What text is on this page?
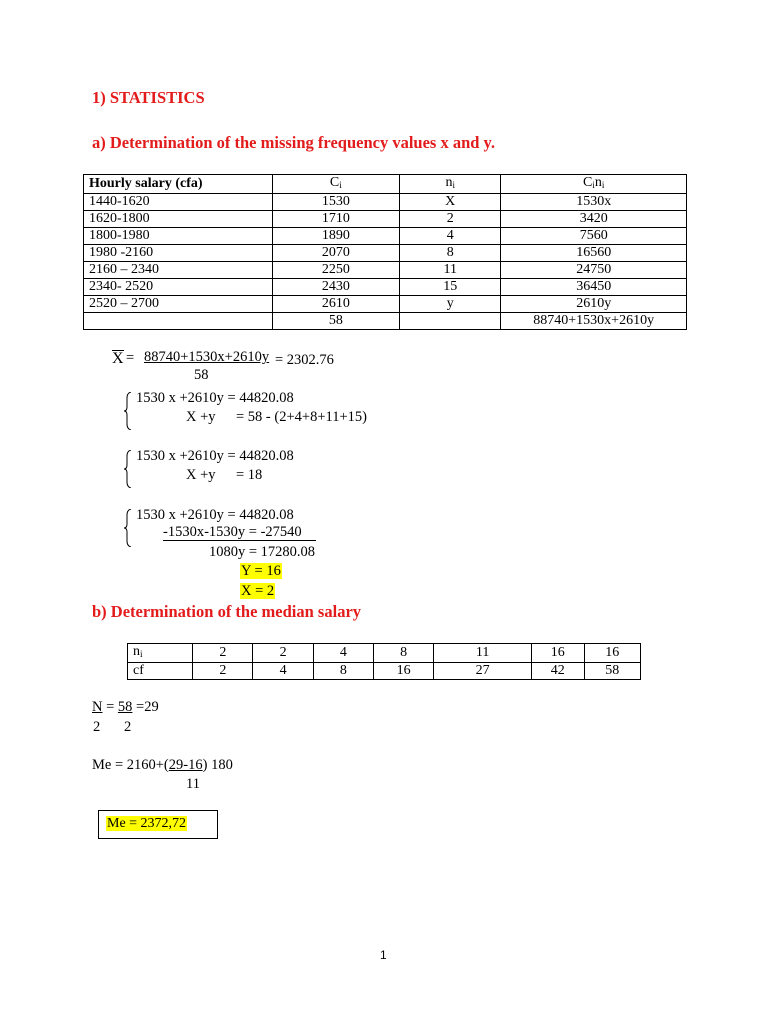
1) STATISTICS
a) Determination of the missing frequency values x and y.
Hourly salary (cfa)	$C_i$	$n_i$	$C_in_i$
1440-1620	1530	X	1530x
1620-1800	1710	2	3420
1800-1980	1890	4	7560
1980 -2160	2070	8	16560
2160 – 2340	2250	11	24750
2340- 2520	2430	15	36450
2520 – 2700	2610	y	2610y
	58		88740+1530x+2610y
X = 88740+1530x+2610y = 2302.76
58
1530 x +2610y = 44820.08
X +y = 58 - (2+4+8+11+15)
1530 x +2610y = 44820.08
X +y = 18
1530 x +2610y = 44820.08
-1530x-1530y = -27540
1080y = 17280.08
Y = 16
X = 2
b) Determination of the median salary
$n_i$	2	2	4	8	11	16	16
cf	2	4	8	16	27	42	58
N = 58 =29
2 2
Me = 2160+(29-16) 180
11
Me = 2372,72
1
